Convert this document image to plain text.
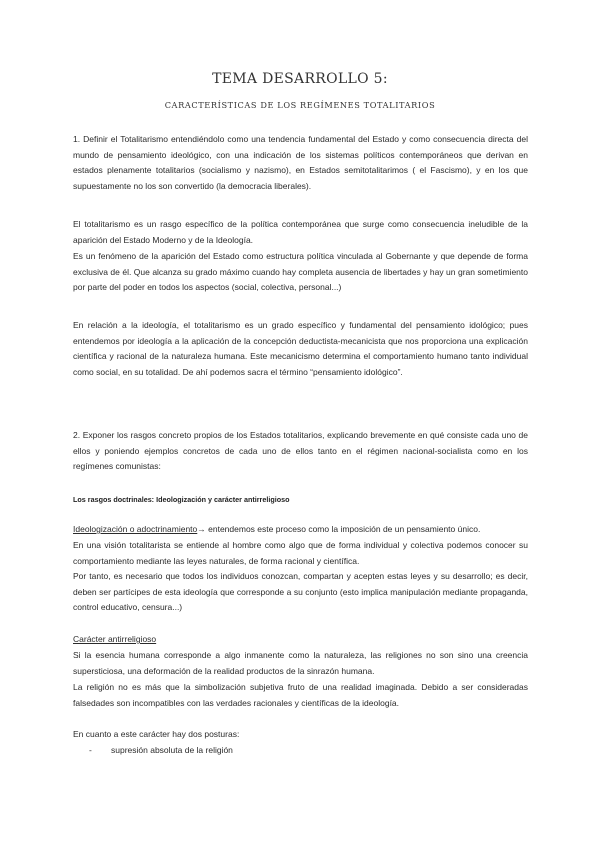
TEMA DESARROLLO 5:
CARACTERÍSTICAS DE LOS REGÍMENES TOTALITARIOS

1. Definir el Totalitarismo entendiéndolo como una tendencia fundamental del Estado y como consecuencia directa del mundo de pensamiento ideológico, con una indicación de los sistemas políticos contemporáneos que derivan en estados plenamente totalitarios (socialismo y nazismo), en Estados semitotalitarimos ( el Fascismo), y en los que supuestamente no los son convertido (la democracia liberales).

El totalitarismo es un rasgo específico de la política contemporánea que surge como consecuencia ineludible de la aparición del Estado Moderno y de la Ideología.

Es un fenómeno de la aparición del Estado como estructura política vinculada al Gobernante y que depende de forma exclusiva de él. Que alcanza su grado máximo cuando hay completa ausencia de libertades y hay un gran sometimiento por parte del poder en todos los aspectos (social, colectiva, personal...)

En relación a la ideología, el totalitarismo es un grado específico y fundamental del pensamiento idológico; pues entendemos por ideología a la aplicación de la concepción deductista-mecanicista que nos proporciona una explicación científica y racional de la naturaleza humana. Este mecanicismo determina el comportamiento humano tanto individual como social, en su totalidad. De ahí podemos sacra el término “pensamiento idológico”.

2. Exponer los rasgos concreto propios de los Estados totalitarios, explicando brevemente en qué consiste cada uno de ellos y poniendo ejemplos concretos de cada uno de ellos tanto en el régimen nacional-socialista como en los regímenes comunistas:

Los rasgos doctrinales: Ideologización y carácter antirreligioso

Ideologización o adoctrinamiento→ entendemos este proceso como la imposición de un pensamiento único.

En una visión totalitarista se entiende al hombre como algo que de forma individual y colectiva podemos conocer su comportamiento mediante las leyes naturales, de forma racional y científica.

Por tanto, es necesario que todos los individuos conozcan, compartan y acepten estas leyes y su desarrollo; es decir, deben ser partícipes de esta ideología que corresponde a su conjunto (esto implica manipulación mediante propaganda, control educativo, censura...)

Carácter antirreligioso

Si la esencia humana corresponde a algo inmanente como la naturaleza, las religiones no son sino una creencia supersticiosa, una deformación de la realidad productos de la sinrazón humana.

La religión no es más que la simbolización subjetiva fruto de una realidad imaginada. Debido a ser consideradas falsedades son incompatibles con las verdades racionales y científicas de la ideología.

En cuanto a este carácter hay dos posturas:

- supresión absoluta de la religión
